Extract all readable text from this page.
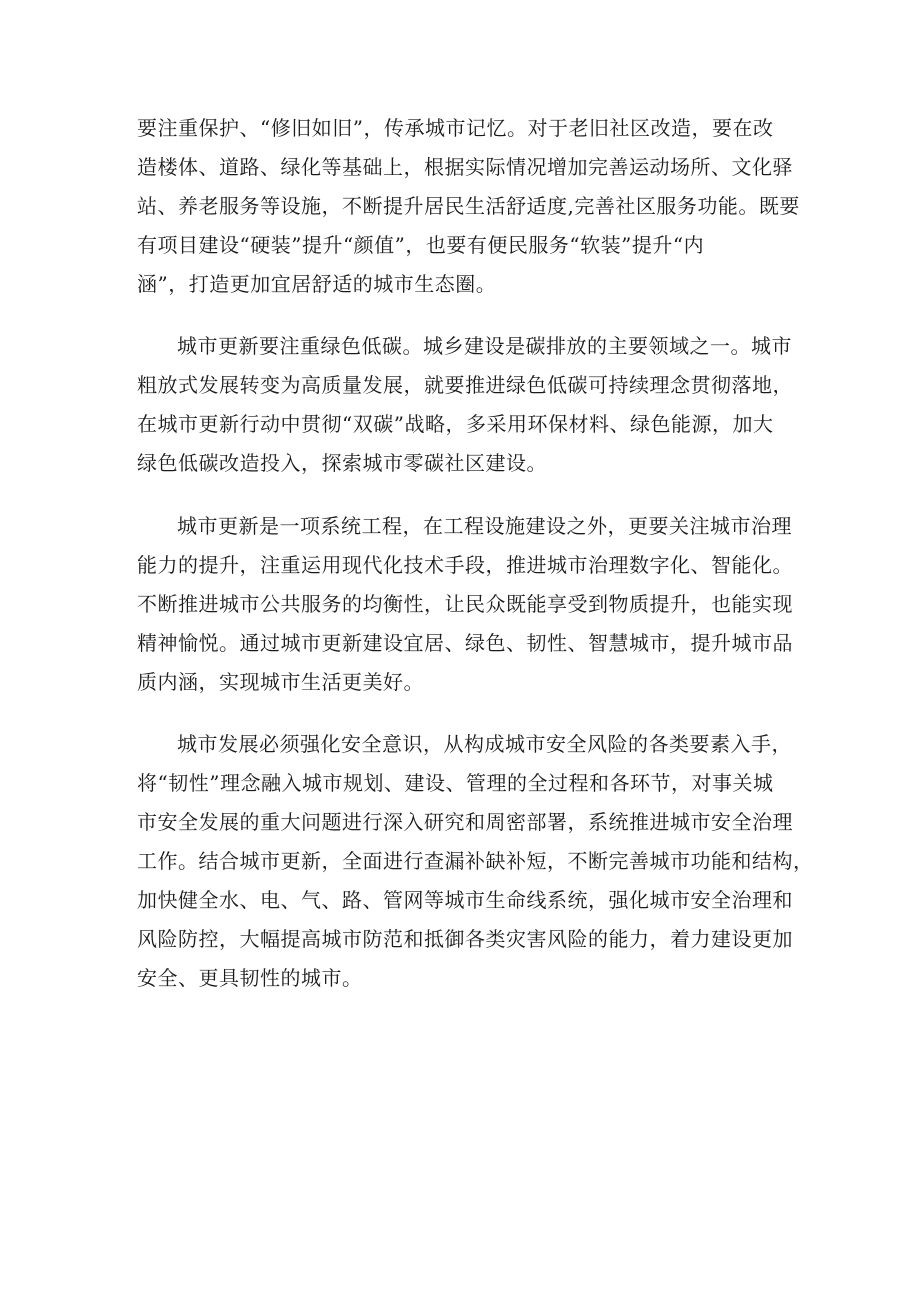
要注重保护、“修旧如旧”，传承城市记忆。对于老旧社区改造，要在改
造楼体、道路、绿化等基础上，根据实际情况增加完善运动场所、文化驿
站、养老服务等设施，不断提升居民生活舒适度,完善社区服务功能。既要
有项目建设“硬装”提升“颜值”，也要有便民服务“软装”提升“内
涵”，打造更加宜居舒适的城市生态圈。
城市更新要注重绿色低碳。城乡建设是碳排放的主要领域之一。城市
粗放式发展转变为高质量发展，就要推进绿色低碳可持续理念贯彻落地，
在城市更新行动中贯彻“双碳”战略，多采用环保材料、绿色能源，加大
绿色低碳改造投入，探索城市零碳社区建设。
城市更新是一项系统工程，在工程设施建设之外，更要关注城市治理
能力的提升，注重运用现代化技术手段，推进城市治理数字化、智能化。
不断推进城市公共服务的均衡性，让民众既能享受到物质提升，也能实现
精神愉悦。通过城市更新建设宜居、绿色、韧性、智慧城市，提升城市品
质内涵，实现城市生活更美好。
城市发展必须强化安全意识，从构成城市安全风险的各类要素入手，
将“韧性”理念融入城市规划、建设、管理的全过程和各环节，对事关城
市安全发展的重大问题进行深入研究和周密部署，系统推进城市安全治理
工作。结合城市更新，全面进行查漏补缺补短，不断完善城市功能和结构，
加快健全水、电、气、路、管网等城市生命线系统，强化城市安全治理和
风险防控，大幅提高城市防范和抵御各类灾害风险的能力，着力建设更加
安全、更具韧性的城市。
